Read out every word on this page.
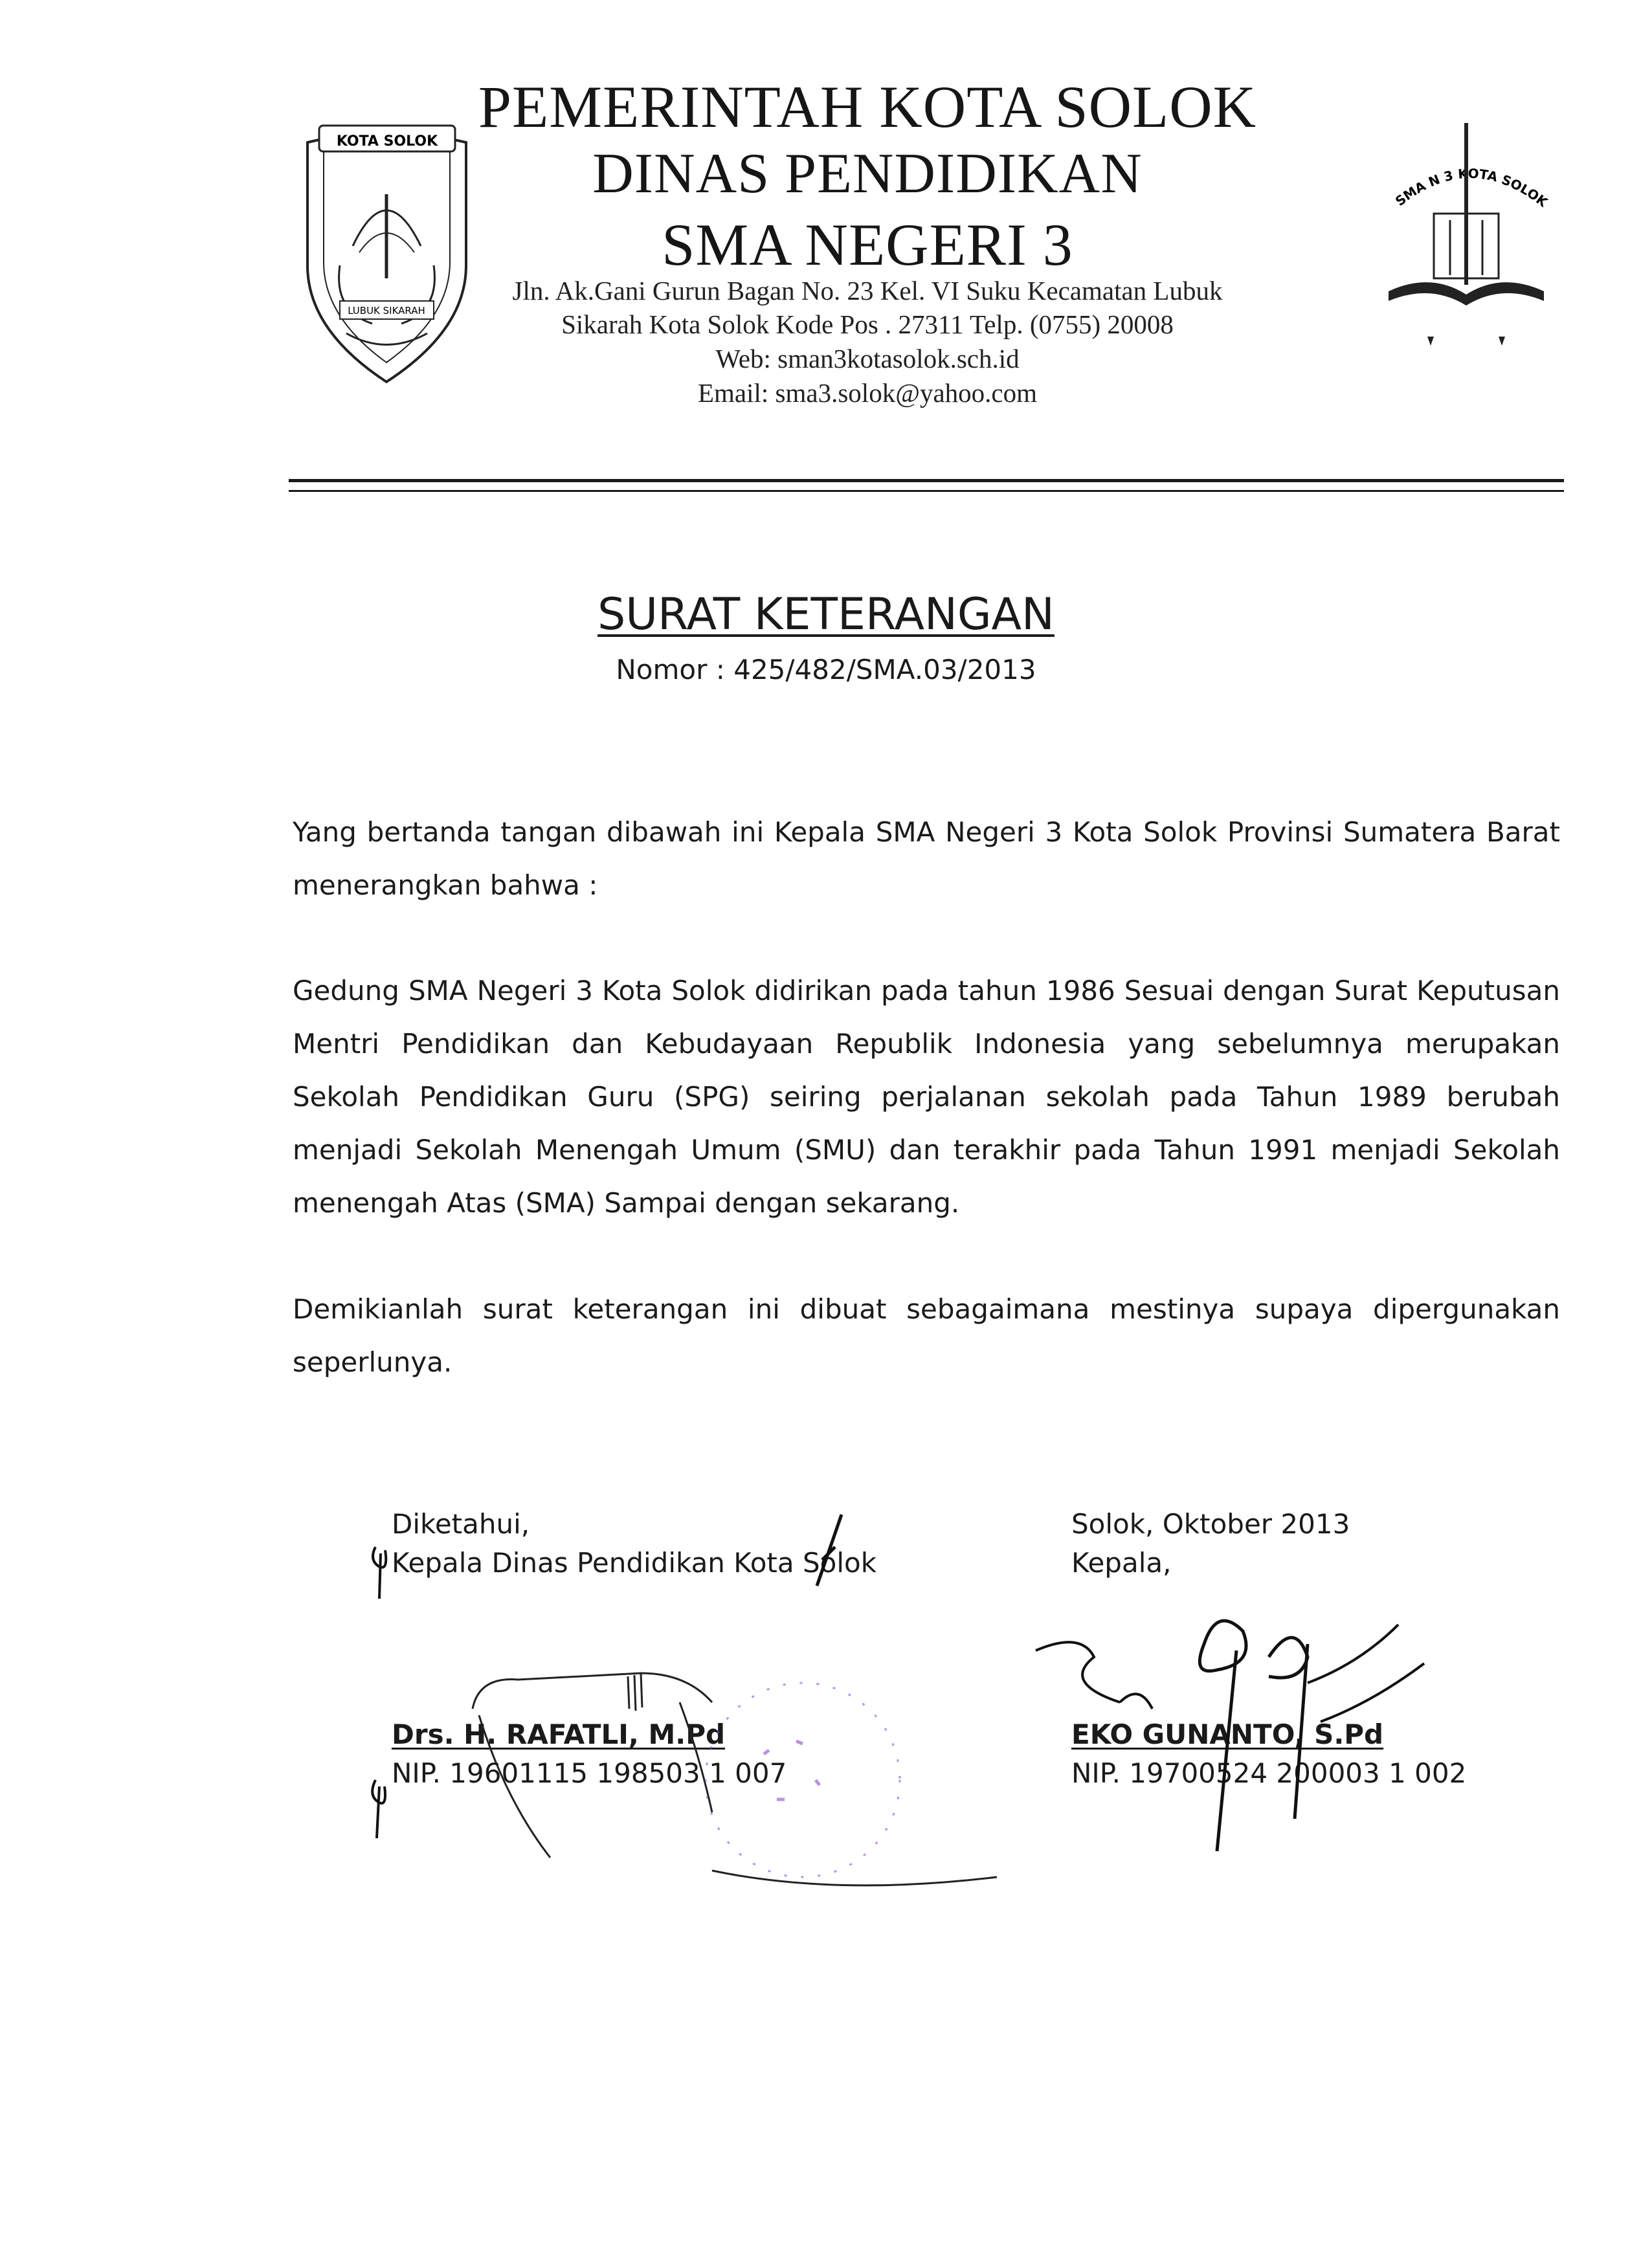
KOTA SOLOK
LUBUK SIKARAH
SMA N 3 KOTA SOLOK
PEMERINTAH KOTA SOLOK
DINAS PENDIDIKAN
SMA NEGERI 3
Jln. Ak.Gani Gurun Bagan No. 23 Kel. VI Suku Kecamatan Lubuk
Sikarah Kota Solok Kode Pos . 27311 Telp. (0755) 20008
Web: sman3kotasolok.sch.id
Email: sma3.solok@yahoo.com
SURAT KETERANGAN
Nomor : 425/482/SMA.03/2013
Yang bertanda tangan dibawah ini Kepala SMA Negeri 3 Kota Solok Provinsi Sumatera Barat menerangkan bahwa :
Gedung SMA Negeri 3 Kota Solok didirikan pada tahun 1986 Sesuai dengan Surat Keputusan Mentri Pendidikan dan Kebudayaan Republik Indonesia yang sebelumnya merupakan Sekolah Pendidikan Guru (SPG) seiring perjalanan sekolah pada Tahun 1989 berubah menjadi Sekolah Menengah Umum (SMU) dan terakhir pada Tahun 1991 menjadi Sekolah menengah Atas (SMA) Sampai dengan sekarang.
Demikianlah surat keterangan ini dibuat sebagaimana mestinya supaya dipergunakan seperlunya.
Diketahui,
Kepala Dinas Pendidikan Kota Solok
Drs. H. RAFATLI, M.Pd
NIP. 19601115 198503 1 007
Solok, Oktober 2013
Kepala,
EKO GUNANTO, S.Pd
NIP. 19700524 200003 1 002
